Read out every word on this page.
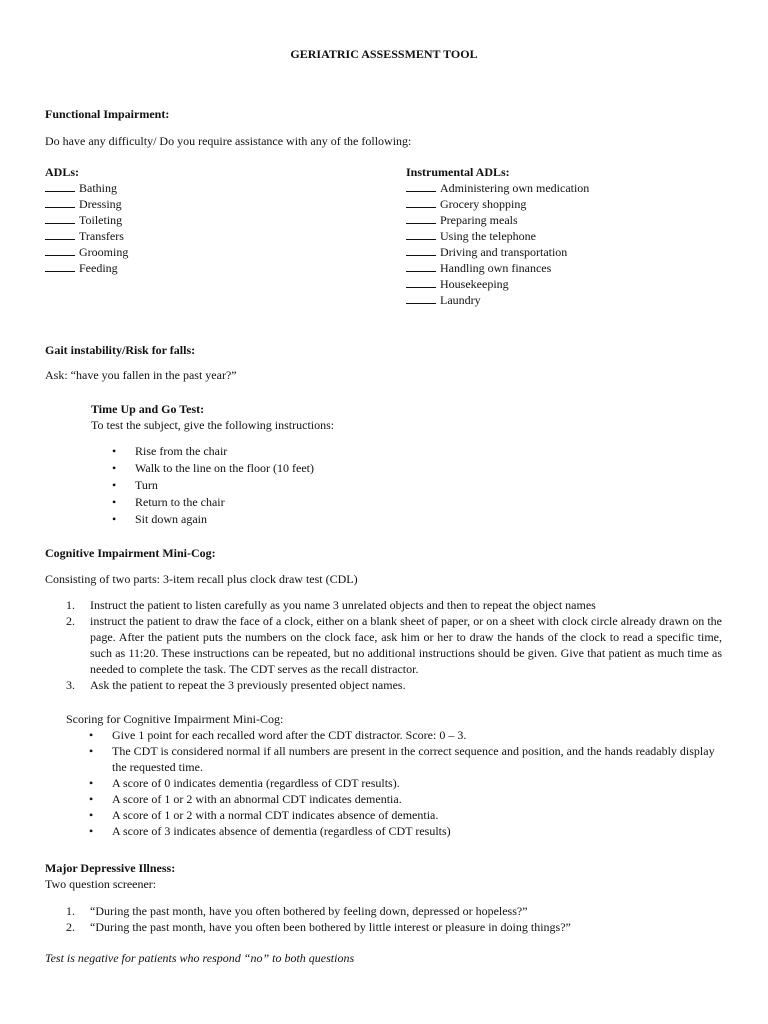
GERIATRIC ASSESSMENT TOOL
Functional Impairment:
Do have any difficulty/ Do you require assistance with any of the following:
ADLs:
Bathing
Dressing
Toileting
Transfers
Grooming
Feeding
Instrumental ADLs:
Administering own medication
Grocery shopping
Preparing meals
Using the telephone
Driving and transportation
Handling own finances
Housekeeping
Laundry
Gait instability/Risk for falls:
Ask: “have you fallen in the past year?”
Time Up and Go Test:
To test the subject, give the following instructions:
• Rise from the chair
• Walk to the line on the floor (10 feet)
• Turn
• Return to the chair
• Sit down again
Cognitive Impairment Mini-Cog:
Consisting of two parts: 3-item recall plus clock draw test (CDL)
1. Instruct the patient to listen carefully as you name 3 unrelated objects and then to repeat the object names
2. instruct the patient to draw the face of a clock, either on a blank sheet of paper, or on a sheet with clock circle already drawn on the page. After the patient puts the numbers on the clock face, ask him or her to draw the hands of the clock to read a specific time, such as 11:20. These instructions can be repeated, but no additional instructions should be given. Give that patient as much time as needed to complete the task. The CDT serves as the recall distractor.
3. Ask the patient to repeat the 3 previously presented object names.
Scoring for Cognitive Impairment Mini-Cog:
• Give 1 point for each recalled word after the CDT distractor. Score: 0 – 3.
• The CDT is considered normal if all numbers are present in the correct sequence and position, and the hands readably display the requested time.
• A score of 0 indicates dementia (regardless of CDT results).
• A score of 1 or 2 with an abnormal CDT indicates dementia.
• A score of 1 or 2 with a normal CDT indicates absence of dementia.
• A score of 3 indicates absence of dementia (regardless of CDT results)
Major Depressive Illness:
Two question screener:
1. “During the past month, have you often bothered by feeling down, depressed or hopeless?”
2. “During the past month, have you often been bothered by little interest or pleasure in doing things?”
Test is negative for patients who respond “no” to both questions
